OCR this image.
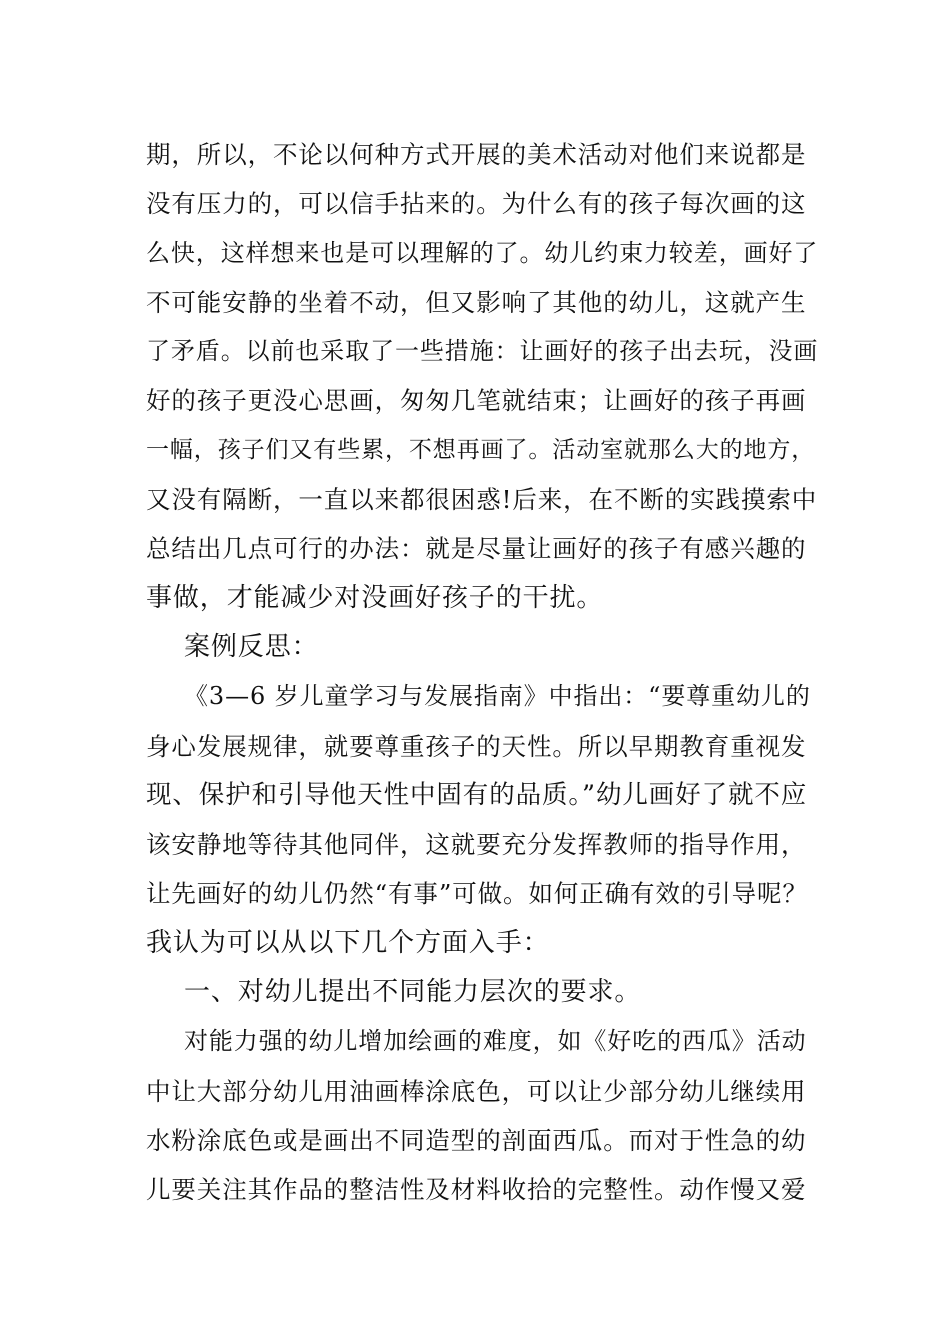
期，所以，不论以何种方式开展的美术活动对他们来说都是
没有压力的，可以信手拈来的。为什么有的孩子每次画的这
么快，这样想来也是可以理解的了。幼儿约束力较差，画好了
不可能安静的坐着不动，但又影响了其他的幼儿，这就产生
了矛盾。以前也采取了一些措施：让画好的孩子出去玩，没画
好的孩子更没心思画，匆匆几笔就结束；让画好的孩子再画
一幅，孩子们又有些累，不想再画了。活动室就那么大的地方，
又没有隔断，一直以来都很困惑!后来，在不断的实践摸索中
总结出几点可行的办法：就是尽量让画好的孩子有感兴趣的
事做，才能减少对没画好孩子的干扰。
案例反思：
《3—6 岁儿童学习与发展指南》中指出：“要尊重幼儿的
身心发展规律，就要尊重孩子的天性。所以早期教育重视发
现、保护和引导他天性中固有的品质。”幼儿画好了就不应
该安静地等待其他同伴，这就要充分发挥教师的指导作用，
让先画好的幼儿仍然“有事”可做。如何正确有效的引导呢？
我认为可以从以下几个方面入手：
一、对幼儿提出不同能力层次的要求。
对能力强的幼儿增加绘画的难度，如《好吃的西瓜》活动
中让大部分幼儿用油画棒涂底色，可以让少部分幼儿继续用
水粉涂底色或是画出不同造型的剖面西瓜。而对于性急的幼
儿要关注其作品的整洁性及材料收拾的完整性。动作慢又爱
